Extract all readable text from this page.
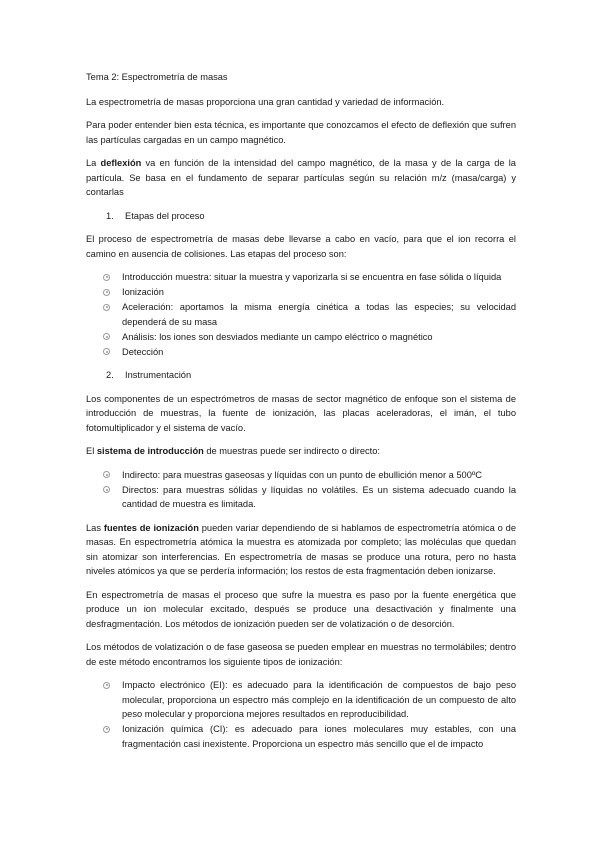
Tema 2: Espectrometría de masas

La espectrometría de masas proporciona una gran cantidad y variedad de información.

Para poder entender bien esta técnica, es importante que conozcamos el efecto de deflexión que sufren las partículas cargadas en un campo magnético.

La deflexión va en función de la intensidad del campo magnético, de la masa y de la carga de la partícula. Se basa en el fundamento de separar partículas según su relación m/z (masa/carga) y contarlas

1.	Etapas del proceso

El proceso de espectrometría de masas debe llevarse a cabo en vacío, para que el ion recorra el camino en ausencia de colisiones. Las etapas del proceso son:

Introducción muestra: situar la muestra y vaporizarla si se encuentra en fase sólida o líquida
Ionización
Aceleración: aportamos la misma energía cinética a todas las especies; su velocidad dependerá de su masa
Análisis: los iones son desviados mediante un campo eléctrico o magnético
Detección
2.	Instrumentación

Los componentes de un espectrómetros de masas de sector magnético de enfoque son el sistema de introducción de muestras, la fuente de ionización, las placas aceleradoras, el imán, el tubo fotomultiplicador y el sistema de vacío.

El sistema de introducción de muestras puede ser indirecto o directo:

Indirecto: para muestras gaseosas y líquidas con un punto de ebullición menor a 500ºC
Directos: para muestras sólidas y líquidas no volátiles. Es un sistema adecuado cuando la cantidad de muestra es limitada.

Las fuentes de ionización pueden variar dependiendo de si hablamos de espectrometría atómica o de masas. En espectrometría atómica la muestra es atomizada por completo; las moléculas que quedan sin atomizar son interferencias. En espectrometría de masas se produce una rotura, pero no hasta niveles atómicos ya que se perdería información; los restos de esta fragmentación deben ionizarse.

En espectrometría de masas el proceso que sufre la muestra es paso por la fuente energética que produce un ion molecular excitado, después se produce una desactivación y finalmente una desfragmentación. Los métodos de ionización pueden ser de volatización o de desorción.

Los métodos de volatización o de fase gaseosa se pueden emplear en muestras no termolábiles; dentro de este método encontramos los siguiente tipos de ionización:

Impacto electrónico (EI): es adecuado para la identificación de compuestos de bajo peso molecular, proporciona un espectro más complejo en la identificación de un compuesto de alto peso molecular y proporciona mejores resultados en reproducibilidad.
Ionización química (CI): es adecuado para iones moleculares muy estables, con una fragmentación casi inexistente. Proporciona un espectro más sencillo que el de impacto
